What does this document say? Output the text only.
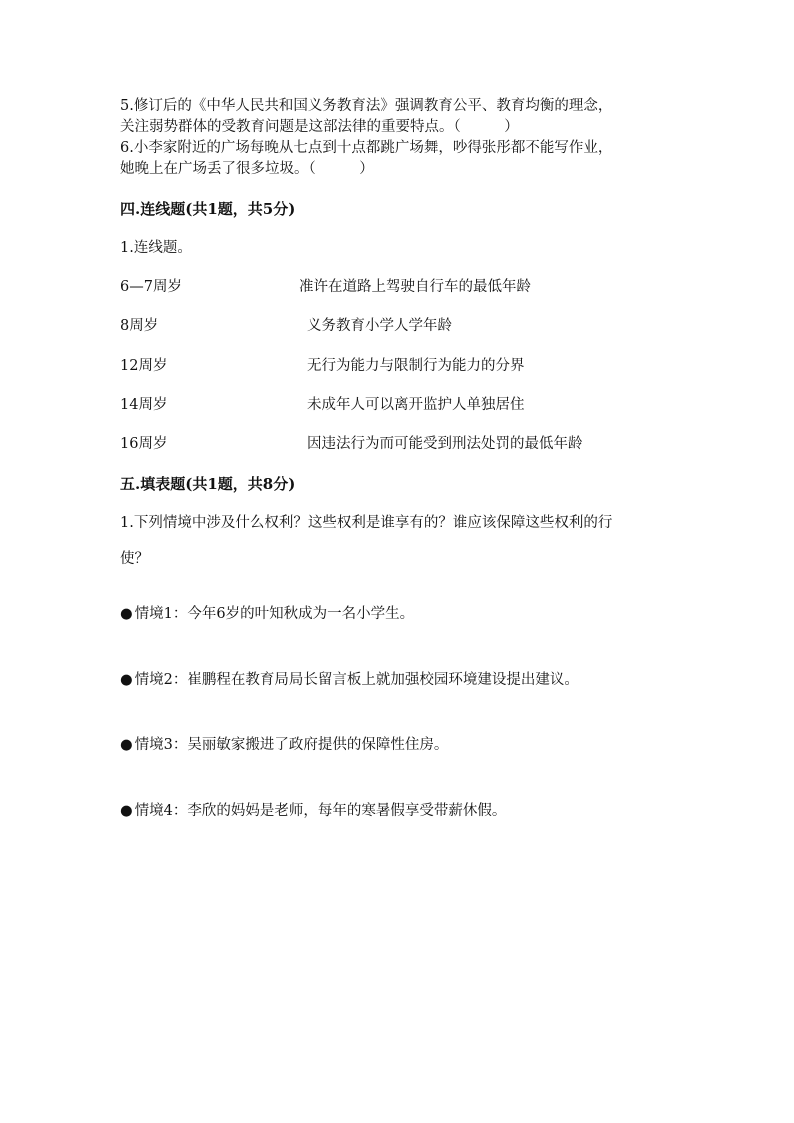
5.修订后的《中华人民共和国义务教育法》强调教育公平、教育均衡的理念，
关注弱势群体的受教育问题是这部法律的重要特点。（　　　）
6.小李家附近的广场每晚从七点到十点都跳广场舞，吵得张彤都不能写作业，
她晚上在广场丢了很多垃圾。（　　　）
四.连线题(共1题，共5分)
1.连线题。
6—7周岁	准许在道路上驾驶自行车的最低年龄
8周岁	义务教育小学人学年龄
12周岁	无行为能力与限制行为能力的分界
14周岁	未成年人可以离开监护人单独居住
16周岁	因违法行为而可能受到刑法处罚的最低年龄
五.填表题(共1题，共8分)
1.下列情境中涉及什么权利？这些权利是谁享有的？谁应该保障这些权利的行
使？
● 情境1：今年6岁的叶知秋成为一名小学生。
● 情境2：崔鹏程在教育局局长留言板上就加强校园环境建设提出建议。
● 情境3：吴丽敏家搬进了政府提供的保障性住房。
● 情境4：李欣的妈妈是老师，每年的寒暑假享受带薪休假。
